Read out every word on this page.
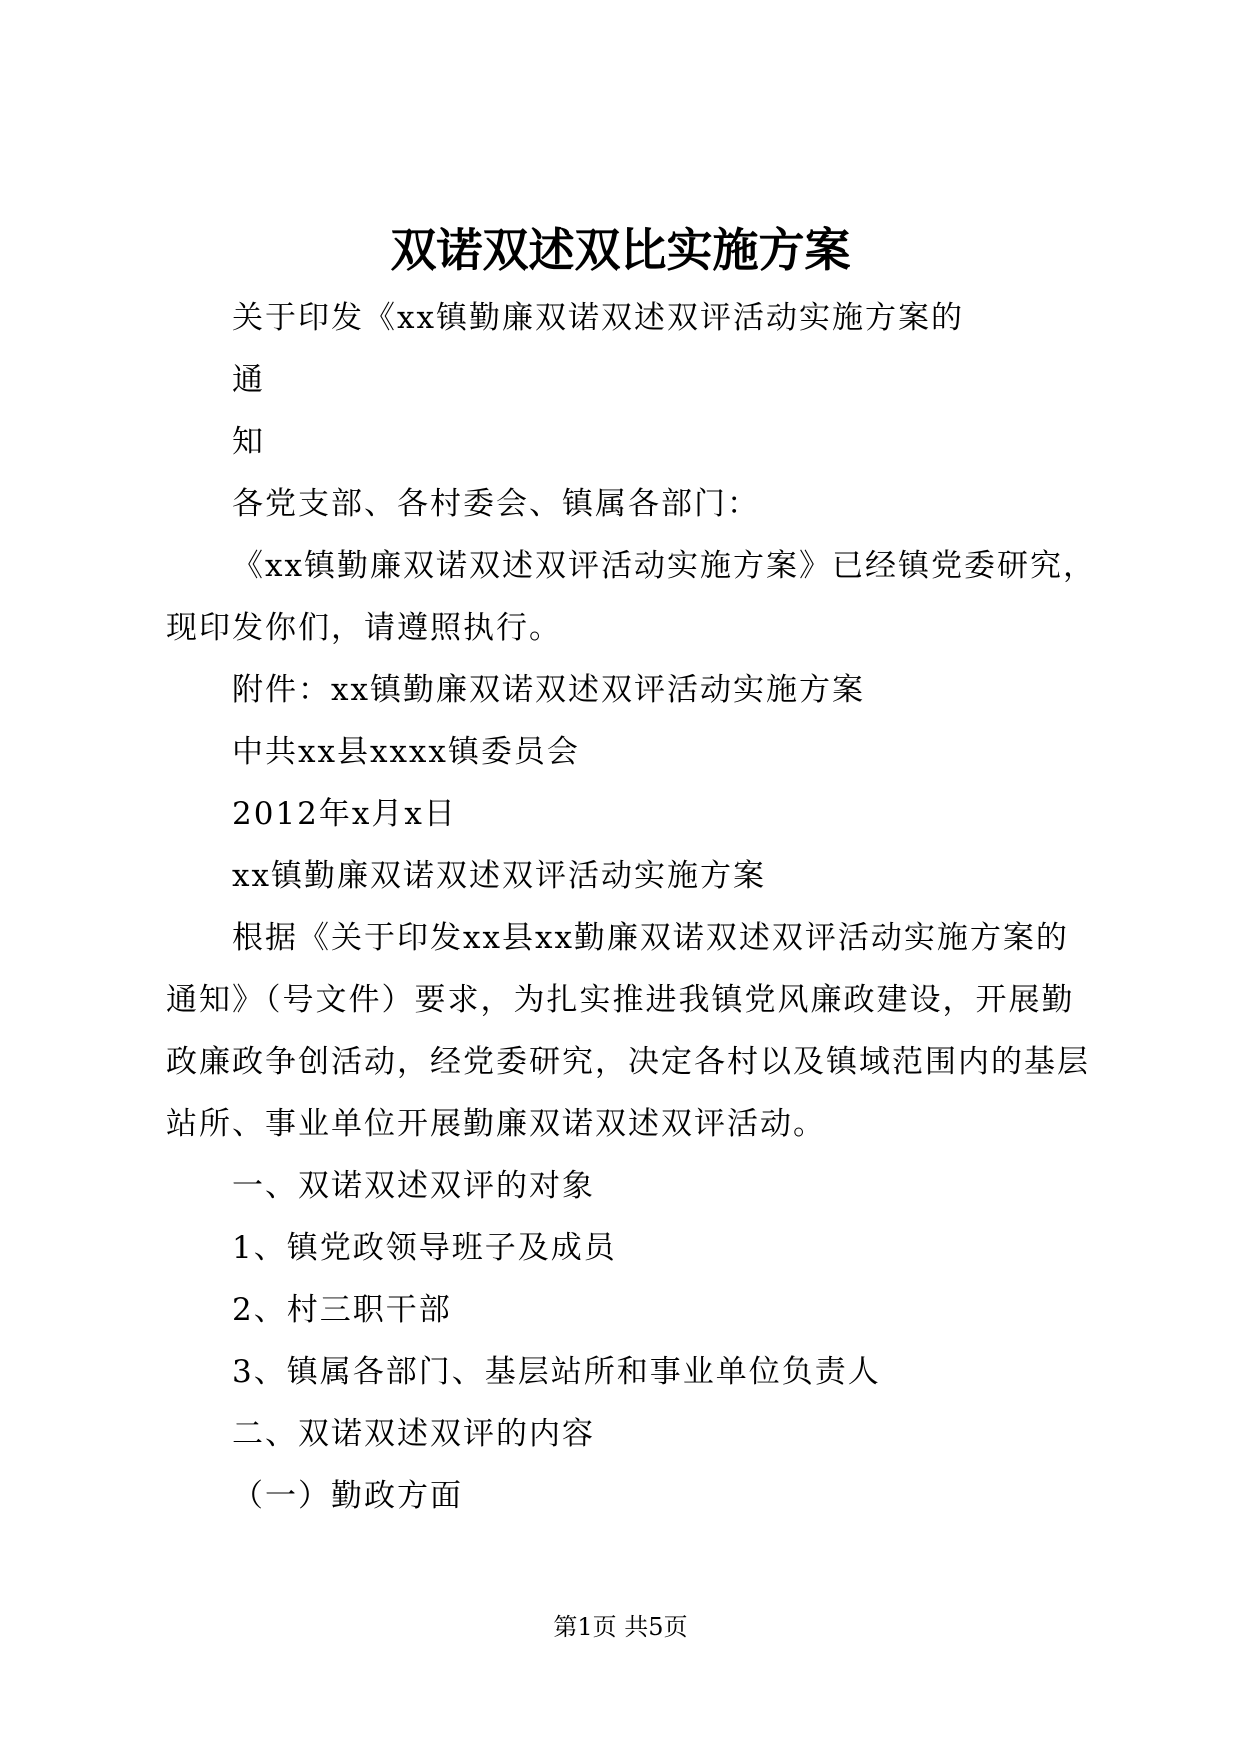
双诺双述双比实施方案
关于印发《xx镇勤廉双诺双述双评活动实施方案的
通
知
各党支部、各村委会、镇属各部门：
《xx镇勤廉双诺双述双评活动实施方案》已经镇党委研究，
现印发你们，请遵照执行。
附件：xx镇勤廉双诺双述双评活动实施方案
中共xx县xxxx镇委员会
2012年x月x日
xx镇勤廉双诺双述双评活动实施方案
根据《关于印发xx县xx勤廉双诺双述双评活动实施方案的
通知》（号文件）要求，为扎实推进我镇党风廉政建设，开展勤
政廉政争创活动，经党委研究，决定各村以及镇域范围内的基层
站所、事业单位开展勤廉双诺双述双评活动。
一、双诺双述双评的对象
1、镇党政领导班子及成员
2、村三职干部
3、镇属各部门、基层站所和事业单位负责人
二、双诺双述双评的内容
（一）勤政方面
第1页 共5页
